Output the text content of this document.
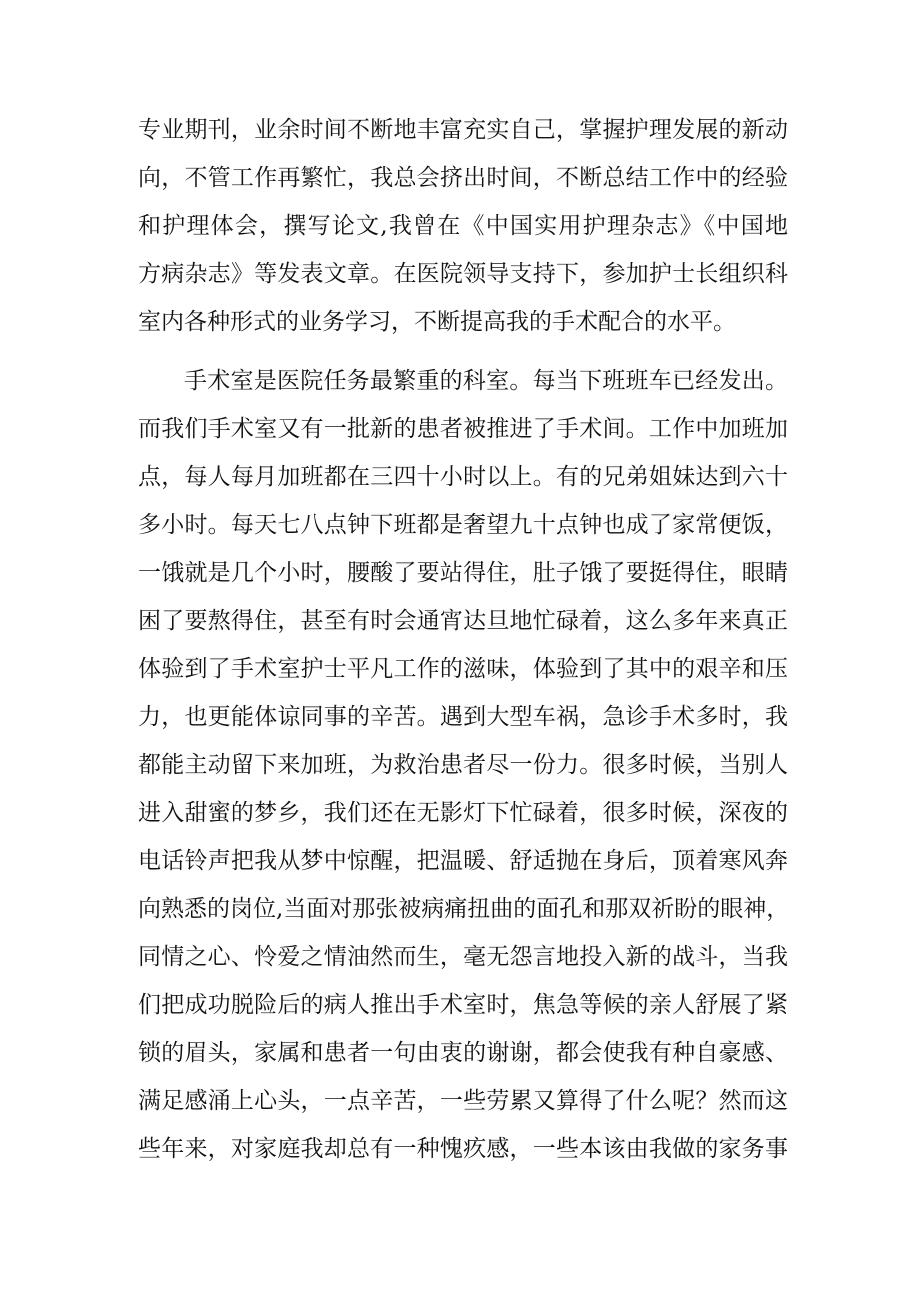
专业期刊，业余时间不断地丰富充实自己，掌握护理发展的新动
向，不管工作再繁忙，我总会挤出时间，不断总结工作中的经验
和护理体会，撰写论文,我曾在《中国实用护理杂志》《中国地
方病杂志》等发表文章。在医院领导支持下，参加护士长组织科
室内各种形式的业务学习，不断提高我的手术配合的水平。
手术室是医院任务最繁重的科室。每当下班班车已经发出。
而我们手术室又有一批新的患者被推进了手术间。工作中加班加
点，每人每月加班都在三四十小时以上。有的兄弟姐妹达到六十
多小时。每天七八点钟下班都是奢望九十点钟也成了家常便饭，
一饿就是几个小时，腰酸了要站得住，肚子饿了要挺得住，眼睛
困了要熬得住，甚至有时会通宵达旦地忙碌着，这么多年来真正
体验到了手术室护士平凡工作的滋味，体验到了其中的艰辛和压
力，也更能体谅同事的辛苦。遇到大型车祸，急诊手术多时，我
都能主动留下来加班，为救治患者尽一份力。很多时候，当别人
进入甜蜜的梦乡，我们还在无影灯下忙碌着，很多时候，深夜的
电话铃声把我从梦中惊醒，把温暖、舒适抛在身后，顶着寒风奔
向熟悉的岗位,当面对那张被病痛扭曲的面孔和那双祈盼的眼神，
同情之心、怜爱之情油然而生，毫无怨言地投入新的战斗，当我
们把成功脱险后的病人推出手术室时，焦急等候的亲人舒展了紧
锁的眉头，家属和患者一句由衷的谢谢，都会使我有种自豪感、
满足感涌上心头，一点辛苦，一些劳累又算得了什么呢？然而这
些年来，对家庭我却总有一种愧疚感，一些本该由我做的家务事
